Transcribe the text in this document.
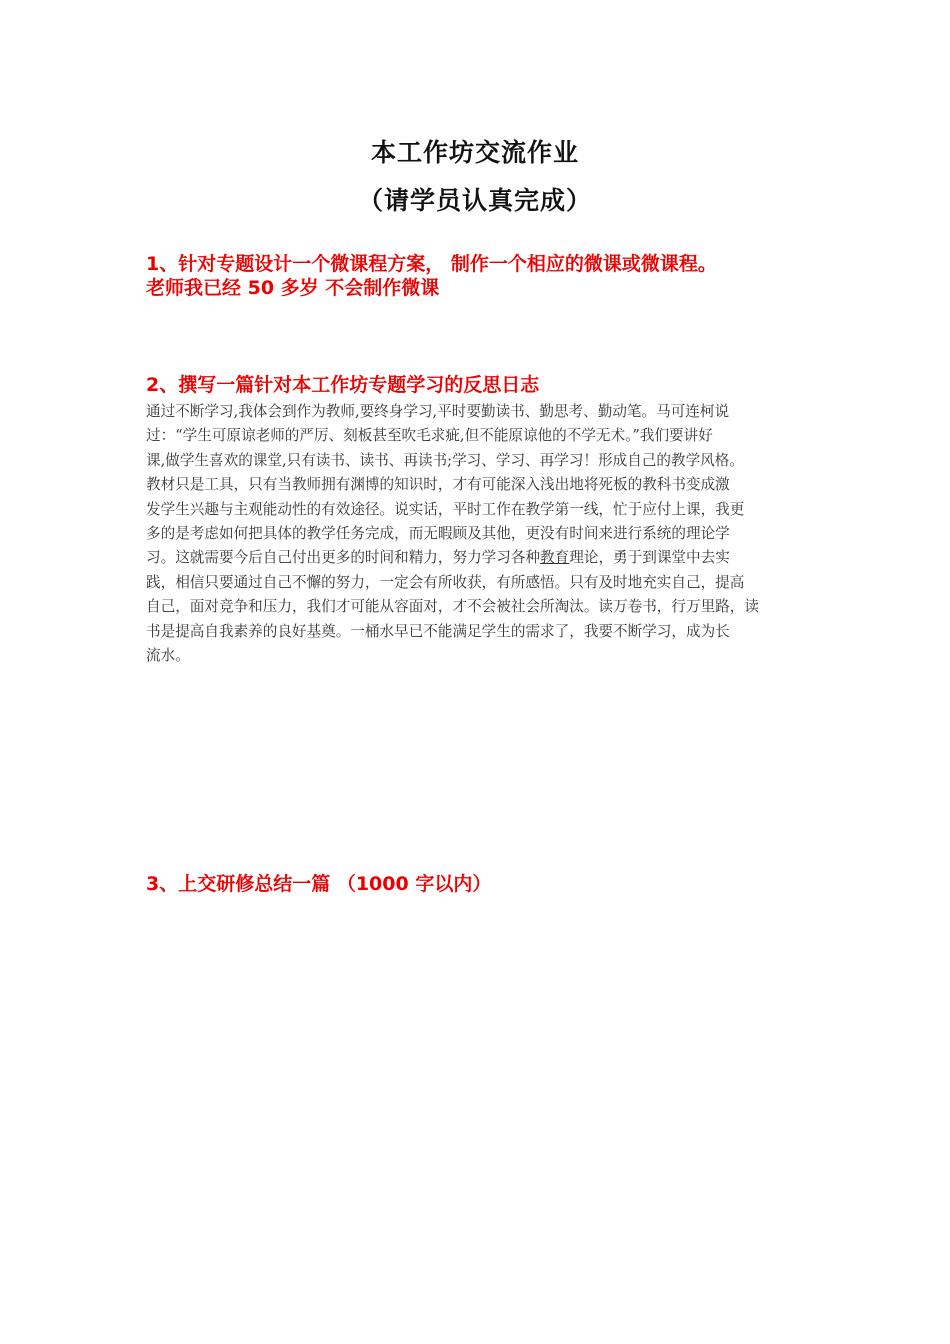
本工作坊交流作业
（请学员认真完成）
1、针对专题设计一个微课程方案， 制作一个相应的微课或微课程。
老师我已经 50 多岁 不会制作微课
2、撰写一篇针对本工作坊专题学习的反思日志
通过不断学习,我体会到作为教师,要终身学习,平时要勤读书、勤思考、勤动笔。马可连柯说
过：“学生可原谅老师的严厉、刻板甚至吹毛求疵,但不能原谅他的不学无术。”我们要讲好
课,做学生喜欢的课堂,只有读书、读书、再读书;学习、学习、再学习！形成自己的教学风格。
教材只是工具，只有当教师拥有渊博的知识时，才有可能深入浅出地将死板的教科书变成激
发学生兴趣与主观能动性的有效途径。说实话，平时工作在教学第一线，忙于应付上课，我更
多的是考虑如何把具体的教学任务完成，而无暇顾及其他，更没有时间来进行系统的理论学
习。这就需要今后自己付出更多的时间和精力，努力学习各种教育理论，勇于到课堂中去实
践，相信只要通过自己不懈的努力，一定会有所收获，有所感悟。只有及时地充实自己，提高
自己，面对竞争和压力，我们才可能从容面对，才不会被社会所淘汰。读万卷书，行万里路，读
书是提高自我素养的良好基奠。一桶水早已不能满足学生的需求了，我要不断学习，成为长
流水。
3、上交研修总结一篇 （1000 字以内）
